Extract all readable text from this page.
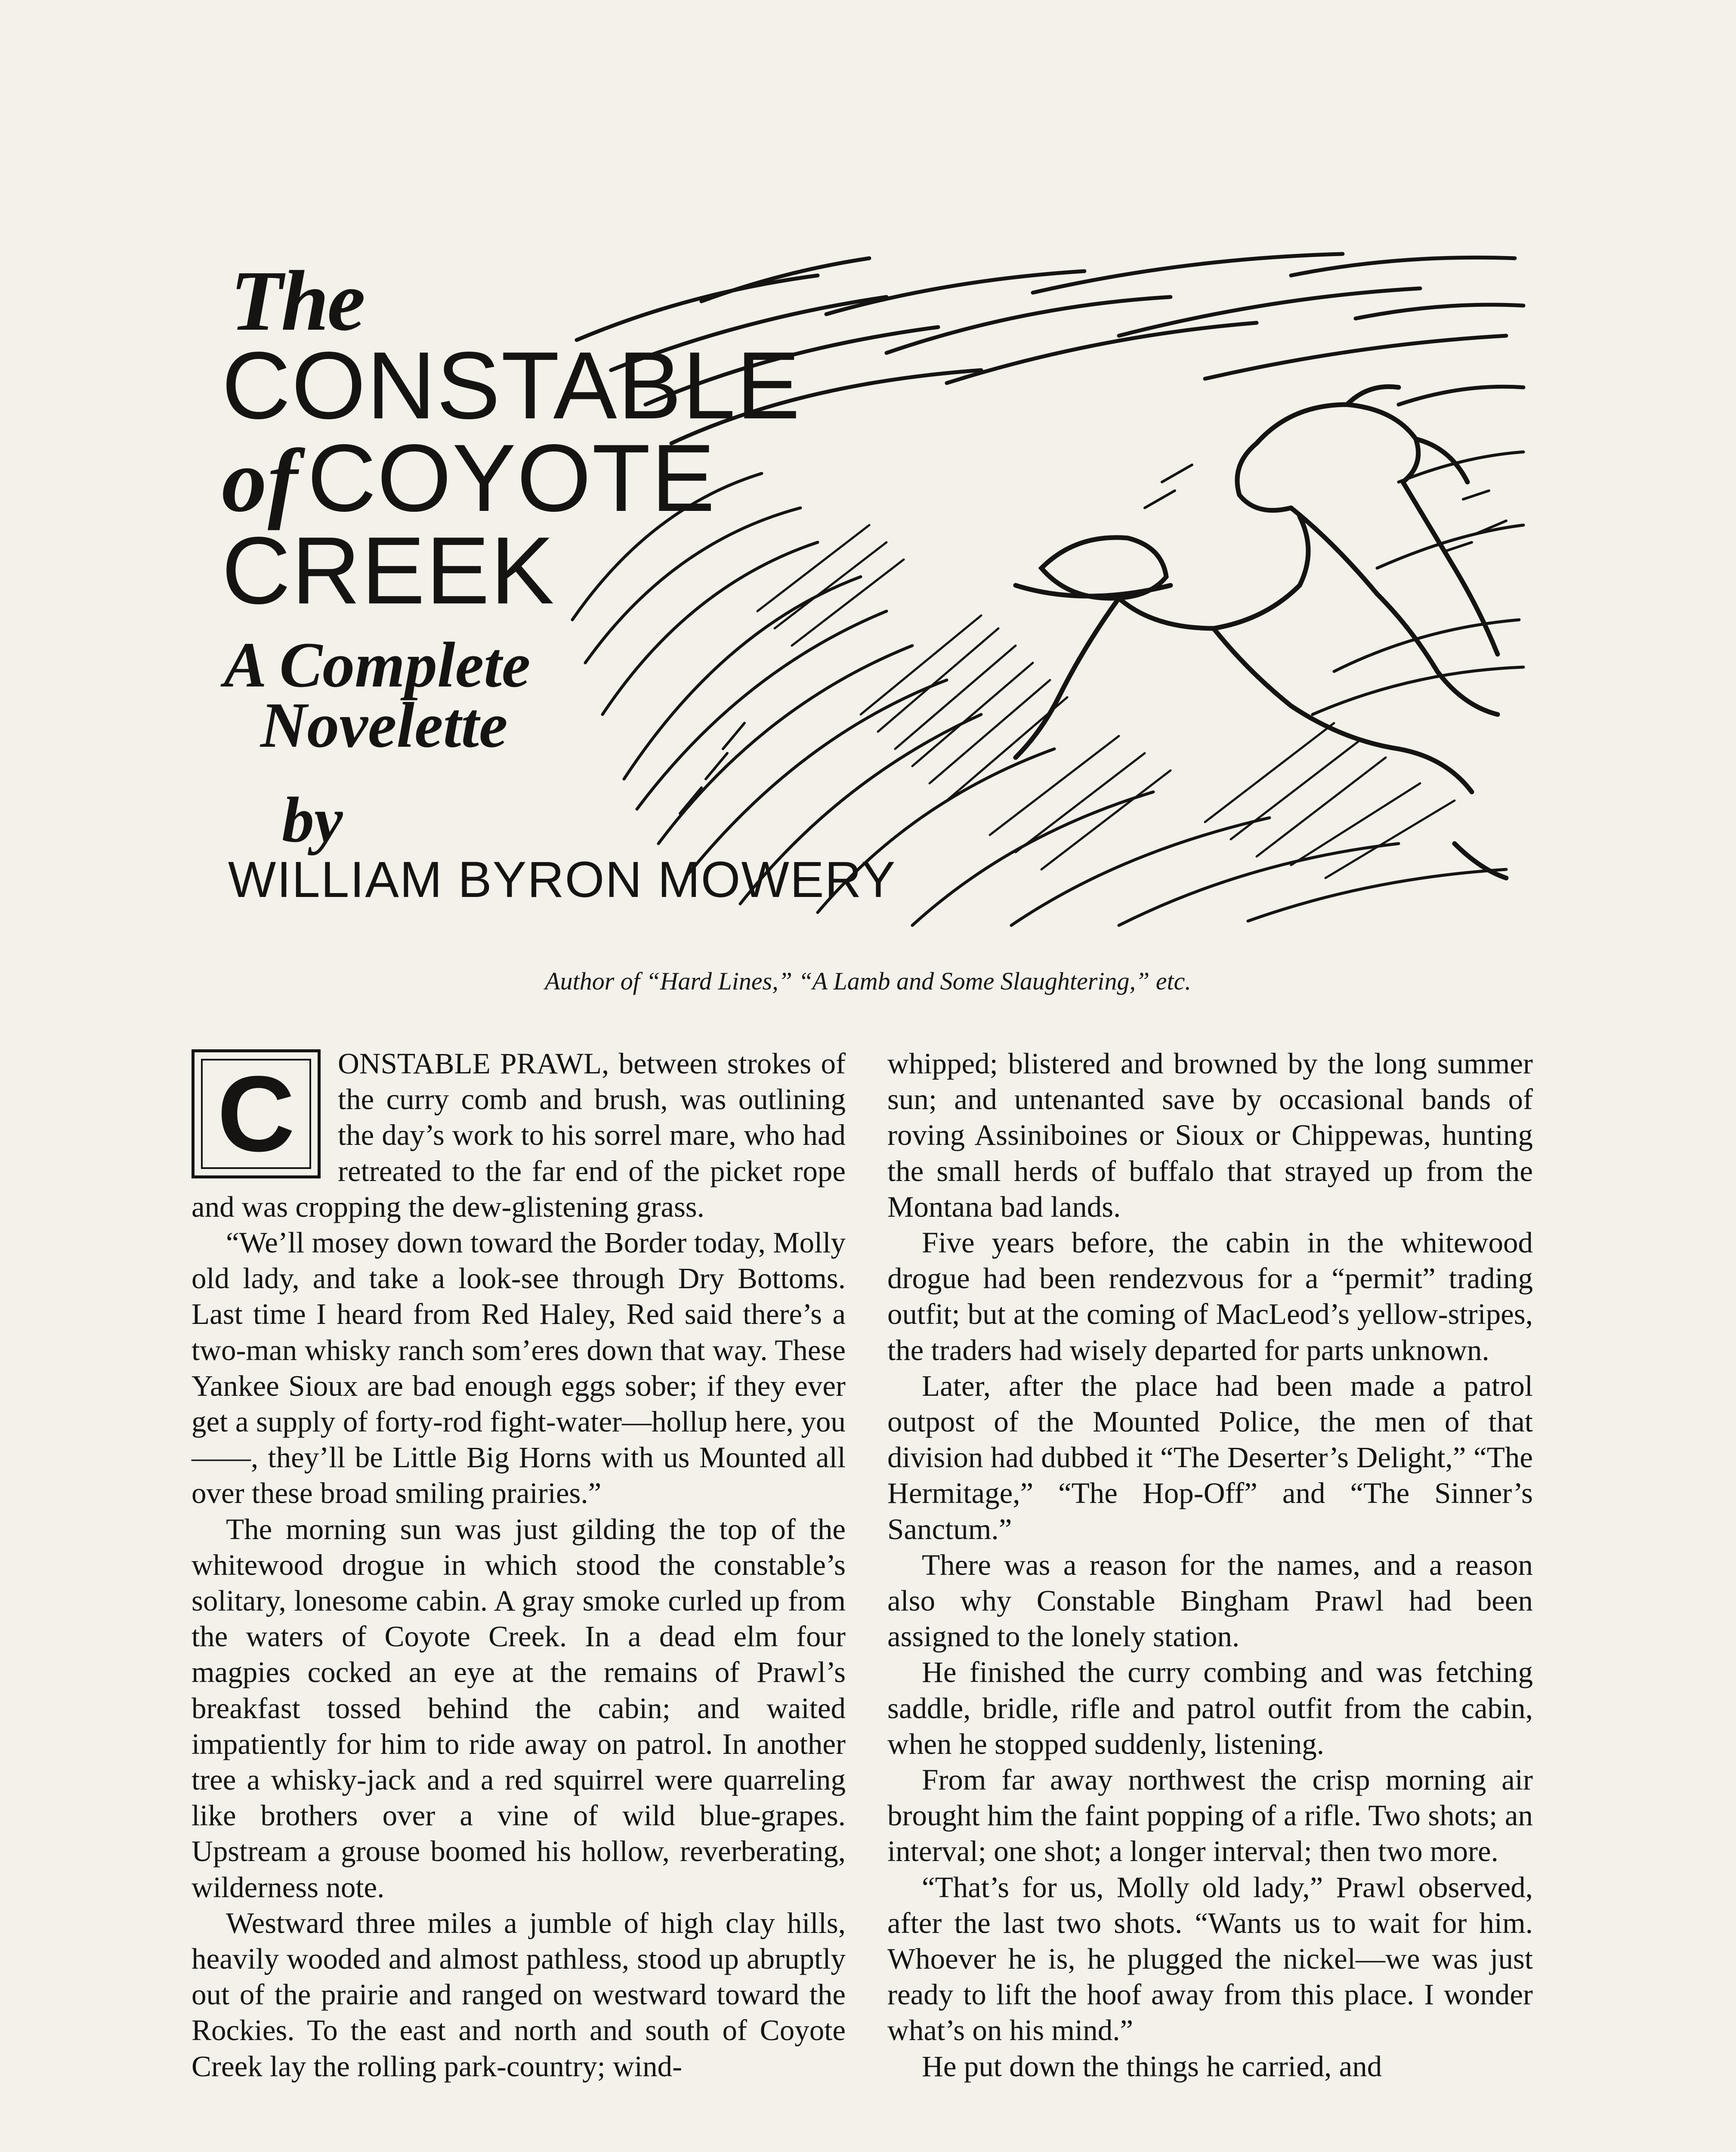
The
CONSTABLE
ofCOYOTE
CREEK
A Complete
Novelette
by
WILLIAM BYRON MOWERY
Author of “Hard Lines,” “A Lamb and Some Slaughtering,” etc.
C	ONSTABLE PRAWL, between strokes of the curry comb and brush, was outlining the day’s work to his sorrel mare, who had retreated to the far end of the picket rope and was cropping the dew-glistening grass.

“We’ll mosey down toward the Border today, Molly old lady, and take a look-see through Dry Bottoms. Last time I heard from Red Haley, Red said there’s a two-man whisky ranch som’eres down that way. These Yankee Sioux are bad enough eggs sober; if they ever get a supply of forty-rod fight-water—hollup here, you ——, they’ll be Little Big Horns with us Mounted all over these broad smiling prairies.”

The morning sun was just gilding the top of the whitewood drogue in which stood the constable’s solitary, lonesome cabin. A gray smoke curled up from the waters of Coyote Creek. In a dead elm four magpies cocked an eye at the remains of Prawl’s breakfast tossed behind the cabin; and waited impatiently for him to ride away on patrol. In another tree a whisky-jack and a red squirrel were quarreling like brothers over a vine of wild blue-grapes. Upstream a grouse boomed his hollow, reverberating, wilderness note.

Westward three miles a jumble of high clay hills, heavily wooded and almost pathless, stood up abruptly out of the prairie and ranged on westward toward the Rockies. To the east and north and south of Coyote Creek lay the rolling park-country; wind-

whipped; blistered and browned by the long summer sun; and untenanted save by occasional bands of roving Assiniboines or Sioux or Chippewas, hunting the small herds of buffalo that strayed up from the Montana bad lands.

Five years before, the cabin in the whitewood drogue had been rendezvous for a “permit” trading outfit; but at the coming of MacLeod’s yellow-stripes, the traders had wisely departed for parts unknown.

Later, after the place had been made a patrol outpost of the Mounted Police, the men of that division had dubbed it “The Deserter’s Delight,” “The Hermitage,” “The Hop-Off” and “The Sinner’s Sanctum.”

There was a reason for the names, and a reason also why Constable Bingham Prawl had been assigned to the lonely station.

He finished the curry combing and was fetching saddle, bridle, rifle and patrol outfit from the cabin, when he stopped suddenly, listening.

From far away northwest the crisp morning air brought him the faint popping of a rifle. Two shots; an interval; one shot; a longer interval; then two more.

“That’s for us, Molly old lady,” Prawl observed, after the last two shots. “Wants us to wait for him. Whoever he is, he plugged the nickel—we was just ready to lift the hoof away from this place. I wonder what’s on his mind.”

He put down the things he carried, and
